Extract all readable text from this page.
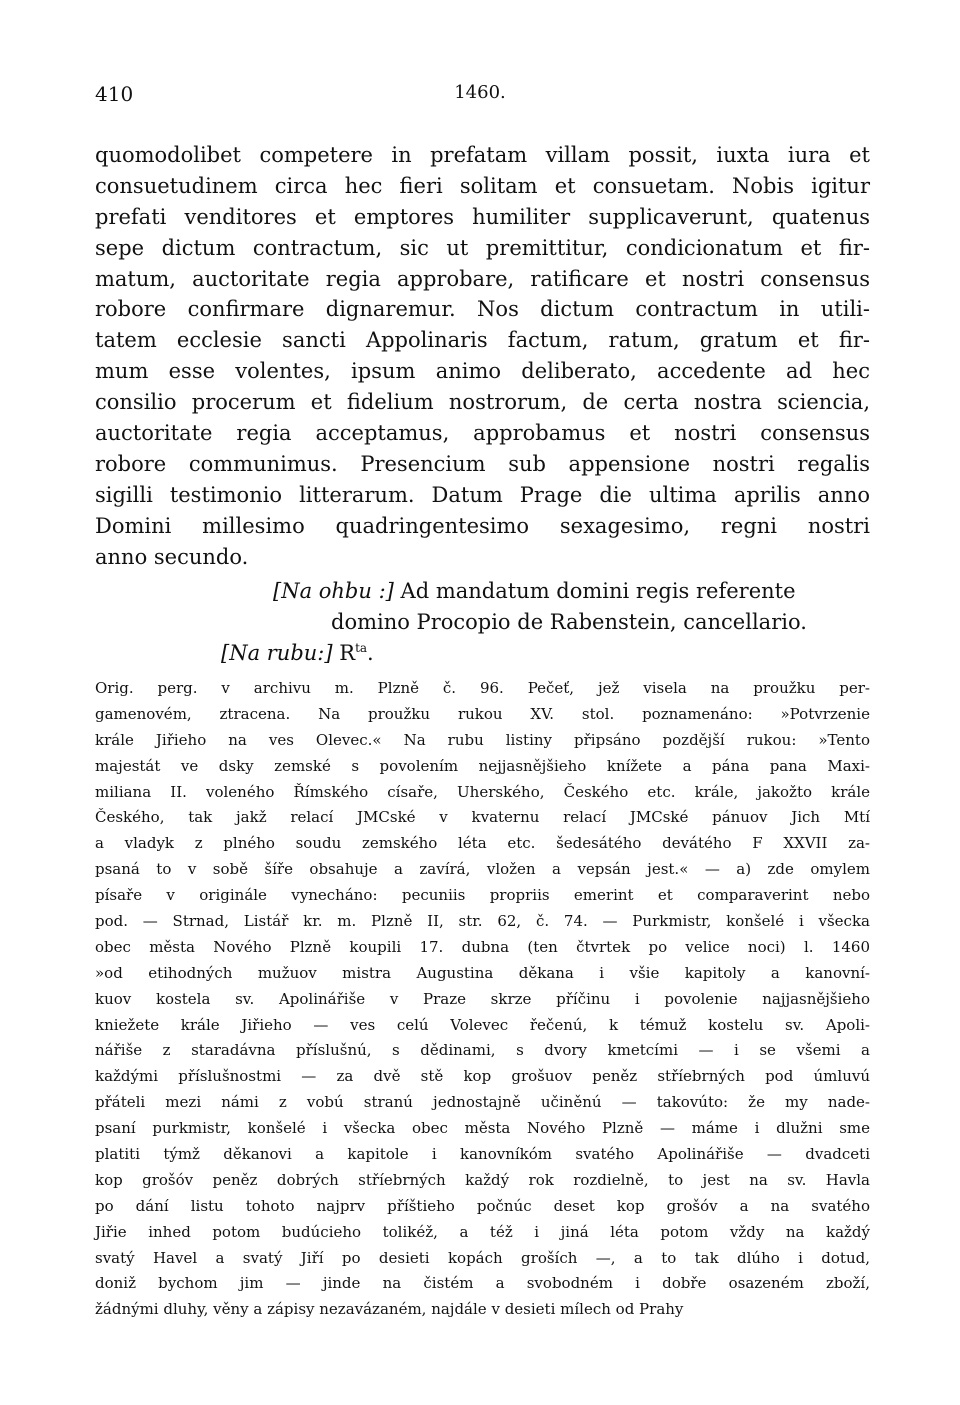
410	1460.
quomodolibet competere in prefatam villam possit, iuxta iura et
consuetudinem circa hec fieri solitam et consuetam. Nobis igitur
prefati venditores et emptores humiliter supplicaverunt, quatenus
sepe dictum contractum, sic ut premittitur, condicionatum et fir-
matum, auctoritate regia approbare, ratificare et nostri consensus
robore confirmare dignaremur. Nos dictum contractum in utili-
tatem ecclesie sancti Appolinaris factum, ratum, gratum et fir-
mum esse volentes, ipsum animo deliberato, accedente ad hec
consilio procerum et fidelium nostrorum, de certa nostra sciencia,
auctoritate regia acceptamus, approbamus et nostri consensus
robore communimus. Presencium sub appensione nostri regalis
sigilli testimonio litterarum. Datum Prage die ultima aprilis anno
Domini millesimo quadringentesimo sexagesimo, regni nostri
anno secundo.
[Na ohbu :] Ad mandatum domini regis referente
domino Procopio de Rabenstein, cancellario.
[Na rubu:] $R^{ta}$.
Orig. perg. v archivu m. Plzně č. 96. Pečeť, jež visela na proužku per-
gamenovém, ztracena. Na proužku rukou XV. stol. poznamenáno: »Potvrzenie
krále Jiřieho na ves Olevec.« Na rubu listiny připsáno pozdější rukou: »Tento
majestát ve dsky zemské s povolením nejjasnějšieho knížete a pána pana Maxi-
miliana II. voleného Římského císaře, Uherského, Českého etc. krále, jakožto krále
Českého, tak jakž relací JMCské v kvaternu relací JMCské pánuov Jich Mtí
a vladyk z plného soudu zemského léta etc. šedesátého devátého F XXVII za-
psaná to v sobě šíře obsahuje a zavírá, vložen a vepsán jest.« — a) zde omylem
písaře v originále vynecháno: pecuniis propriis emerint et comparaverint nebo
pod. — Strnad, Listář kr. m. Plzně II, str. 62, č. 74. — Purkmistr, konšelé i všecka
obec města Nového Plzně koupili 17. dubna (ten čtvrtek po velice noci) l. 1460
»od etihodných mužuov mistra Augustina děkana i všie kapitoly a kanovní-
kuov kostela sv. Apolinářiše v Praze skrze příčinu i povolenie najjasnějšieho
kniežete krále Jiřieho — ves celú Volevec řečenú, k témuž kostelu sv. Apoli-
nářiše z staradávna příslušnú, s dědinami, s dvory kmetcími — i se všemi a
každými příslušnostmi — za dvě stě kop grošuov peněz stříebrných pod úmluvú
přáteli mezi námi z vobú stranú jednostajně učiněnú — takovúto: že my nade-
psaní purkmistr, konšelé i všecka obec města Nového Plzně — máme i dlužni sme
platiti týmž děkanovi a kapitole i kanovníkóm svatého Apolinářiše — dvadceti
kop grošóv peněz dobrých stříebrných každý rok rozdielně, to jest na sv. Havla
po dání listu tohoto najprv příštieho počnúc deset kop grošóv a na svatého
Jiřie inhed potom budúcieho tolikéž, a též i jiná léta potom vždy na každý
svatý Havel a svatý Jiří po desieti kopách groších —, a to tak dlúho i dotud,
doniž bychom jim — jinde na čistém a svobodném i dobře osazeném zboží,
žádnými dluhy, věny a zápisy nezavázaném, najdále v desieti mílech od Prahy
